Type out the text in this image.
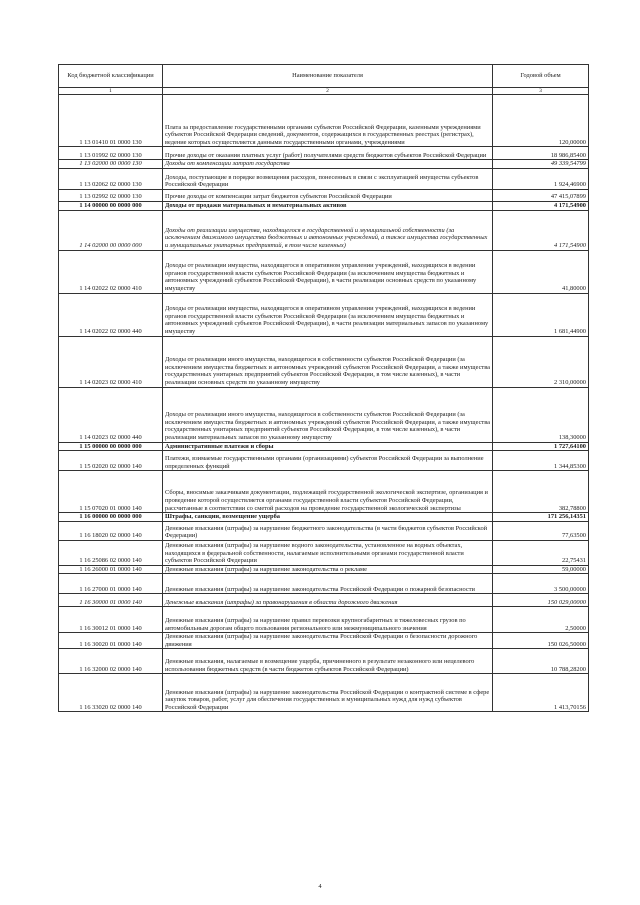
Код бюджетной классификации	Наименование показателя	Годовой объем
1	2	3
1 13 01410 01 0000 130	Плата за предоставление государственными органами субъектов Российской Федерации, казенными учреждениями субъектов Российской Федерации сведений, документов, содержащихся в государственных реестрах (регистрах), ведение которых осуществляется данными государственными органами, учреждениями	120,00000
1 13 01992 02 0000 130	Прочие доходы от оказания платных услуг (работ) получателями средств бюджетов субъектов Российской Федерации	18 986,85400
1 13 02000 00 0000 130	Доходы от компенсации затрат государства	49 339,54799
1 13 02062 02 0000 130	Доходы, поступающие в порядке возмещения расходов, понесенных в связи с эксплуатацией имущества субъектов Российской Федерации	1 924,46900
1 13 02992 02 0000 130	Прочие доходы от компенсации затрат бюджетов субъектов Российской Федерации	47 415,07899
1 14 00000 00 0000 000	Доходы от продажи материальных и нематериальных активов	4 171,54900
1 14 02000 00 0000 000	Доходы от реализации имущества, находящегося в государственной и муниципальной собственности (за исключением движимого имущества бюджетных и автономных учреждений, а также имущества государственных и муниципальных унитарных предприятий, в том числе казенных)	4 171,54900
1 14 02022 02 0000 410	Доходы от реализации имущества, находящегося в оперативном управлении учреждений, находящихся в ведении органов государственной власти субъектов Российской Федерации (за исключением имущества бюджетных и автономных учреждений субъектов Российской Федерации), в части реализации основных средств по указанному имуществу	41,80000
1 14 02022 02 0000 440	Доходы от реализации имущества, находящегося в оперативном управлении учреждений, находящихся в ведении органов государственной власти субъектов Российской Федерации (за исключением имущества бюджетных и автономных учреждений субъектов Российской Федерации), в части реализации материальных запасов по указанному имуществу	1 681,44900
1 14 02023 02 0000 410	Доходы от реализации иного имущества, находящегося в собственности субъектов Российской Федерации (за исключением имущества бюджетных и автономных учреждений субъектов Российской Федерации, а также имущества государственных унитарных предприятий субъектов Российской Федерации, в том числе казенных), в части реализации основных средств по указанному имуществу	2 310,00000
1 14 02023 02 0000 440	Доходы от реализации иного имущества, находящегося в собственности субъектов Российской Федерации (за исключением имущества бюджетных и автономных учреждений субъектов Российской Федерации, а также имущества государственных унитарных предприятий субъектов Российской Федерации, в том числе казенных), в части реализации материальных запасов по указанному имуществу	138,30000
1 15 00000 00 0000 000	Административные платежи и сборы	1 727,64100
1 15 02020 02 0000 140	Платежи, взимаемые государственными органами (организациями) субъектов Российской Федерации за выполнение определенных функций	1 344,85300
1 15 07020 01 0000 140	Сборы, вносимые заказчиками документации, подлежащей государственной экологической экспертизе, организация и проведение которой осуществляется органами государственной власти субъектов Российской Федерации, рассчитанные в соответствии со сметой расходов на проведение государственной экологической экспертизы	382,78800
1 16 00000 00 0000 000	Штрафы, санкции, возмещение ущерба	171 256,14351
1 16 18020 02 0000 140	Денежные взыскания (штрафы) за нарушение бюджетного законодательства (в части бюджетов субъектов Российской Федерации)	77,63500
1 16 25086 02 0000 140	Денежные взыскания (штрафы) за нарушение водного законодательства, установленное на водных объектах, находящихся в федеральной собственности, налагаемые исполнительными органами государственной власти субъектов Российской Федерации	22,75431
1 16 26000 01 0000 140	Денежные взыскания (штрафы) за нарушение законодательства о рекламе	59,00000
1 16 27000 01 0000 140	Денежные взыскания (штрафы) за нарушение законодательства Российской Федерации о пожарной безопасности	3 500,00000
1 16 30000 01 0000 140	Денежные взыскания (штрафы) за правонарушения в области дорожного движения	150 029,00000
1 16 30012 01 0000 140	Денежные взыскания (штрафы) за нарушение правил перевозки крупногабаритных и тяжеловесных грузов по автомобильным дорогам общего пользования регионального или межмуниципального значения	2,50000
1 16 30020 01 0000 140	Денежные взыскания (штрафы) за нарушение законодательства Российской Федерации о безопасности дорожного движения	150 026,50000
1 16 32000 02 0000 140	Денежные взыскания, налагаемые в возмещение ущерба, причиненного в результате незаконного или нецелевого использования бюджетных средств (в части бюджетов субъектов Российской Федерации)	10 788,28200
1 16 33020 02 0000 140	Денежные взыскания (штрафы) за нарушение законодательства Российской Федерации о контрактной системе в сфере закупок товаров, работ, услуг для обеспечения государственных и муниципальных нужд для нужд субъектов Российской Федерации	1 413,70156
4
